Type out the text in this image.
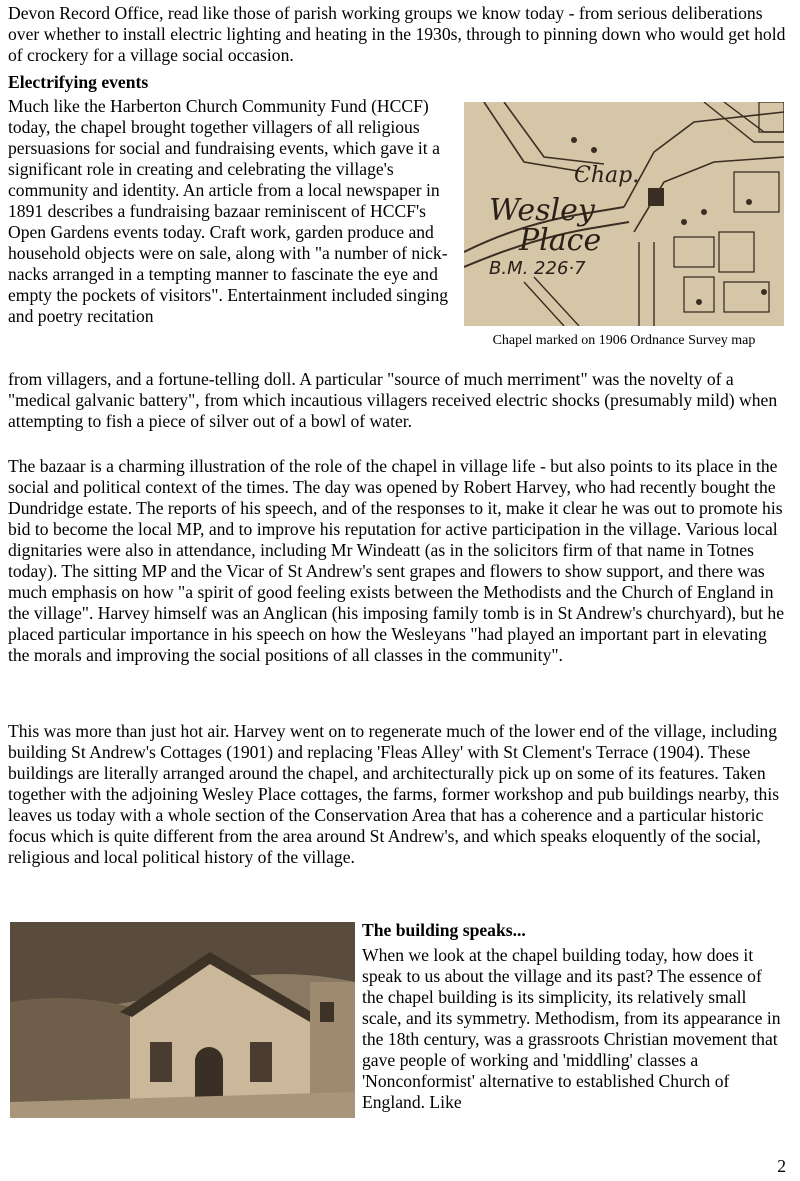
Devon Record Office, read like those of parish working groups we know today - from serious deliberations over whether to install electric lighting and heating in the 1930s, through to pinning down who would get hold of crockery for a village social occasion.

Electrifying events

Much like the Harberton Church Community Fund (HCCF) today, the chapel brought together villagers of all religious persuasions for social and fundraising events, which gave it a significant role in creating and celebrating the village's community and identity. An article from a local newspaper in 1891 describes a fundraising bazaar reminiscent of HCCF's Open Gardens events today. Craft work, garden produce and household objects were on sale, along with "a number of nick-nacks arranged in a tempting manner to fascinate the eye and empty the pockets of visitors". Entertainment included singing and poetry recitation

Chap.
Wesley
Place
B.M. 226·7
Chapel marked on 1906 Ordnance Survey map

from villagers, and a fortune-telling doll. A particular "source of much merriment" was the novelty of a "medical galvanic battery", from which incautious villagers received electric shocks (presumably mild) when attempting to fish a piece of silver out of a bowl of water.

The bazaar is a charming illustration of the role of the chapel in village life - but also points to its place in the social and political context of the times. The day was opened by Robert Harvey, who had recently bought the Dundridge estate. The reports of his speech, and of the responses to it, make it clear he was out to promote his bid to become the local MP, and to improve his reputation for active participation in the village. Various local dignitaries were also in attendance, including Mr Windeatt (as in the solicitors firm of that name in Totnes today). The sitting MP and the Vicar of St Andrew's sent grapes and flowers to show support, and there was much emphasis on how "a spirit of good feeling exists between the Methodists and the Church of England in the village". Harvey himself was an Anglican (his imposing family tomb is in St Andrew's churchyard), but he placed particular importance in his speech on how the Wesleyans "had played an important part in elevating the morals and improving the social positions of all classes in the community".

This was more than just hot air. Harvey went on to regenerate much of the lower end of the village, including building St Andrew's Cottages (1901) and replacing 'Fleas Alley' with St Clement's Terrace (1904). These buildings are literally arranged around the chapel, and architecturally pick up on some of its features. Taken together with the adjoining Wesley Place cottages, the farms, former workshop and pub buildings nearby, this leaves us today with a whole section of the Conservation Area that has a coherence and a particular historic focus which is quite different from the area around St Andrew's, and which speaks eloquently of the social, religious and local political history of the village.

The building speaks...

When we look at the chapel building today, how does it speak to us about the village and its past? The essence of the chapel building is its simplicity, its relatively small scale, and its symmetry. Methodism, from its appearance in the 18th century, was a grassroots Christian movement that gave people of working and 'middling' classes a 'Nonconformist' alternative to established Church of England. Like

2
